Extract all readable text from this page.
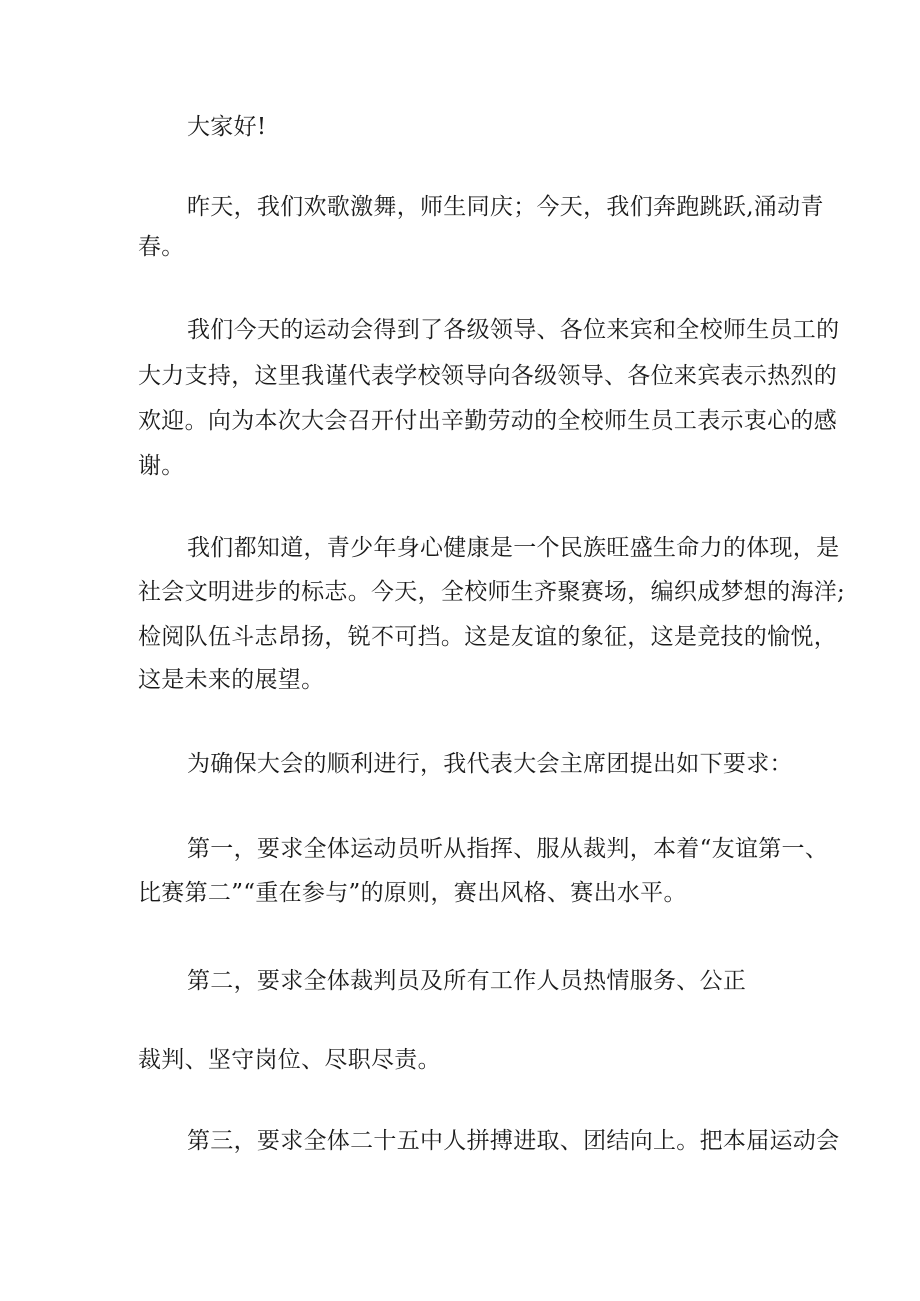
大家好!
昨天，我们欢歌激舞，师生同庆；今天，我们奔跑跳跃,涌动青
春。
我们今天的运动会得到了各级领导、各位来宾和全校师生员工的
大力支持，这里我谨代表学校领导向各级领导、各位来宾表示热烈的
欢迎。向为本次大会召开付出辛勤劳动的全校师生员工表示衷心的感
谢。
我们都知道，青少年身心健康是一个民族旺盛生命力的体现，是
社会文明进步的标志。今天，全校师生齐聚赛场，编织成梦想的海洋;
检阅队伍斗志昂扬，锐不可挡。这是友谊的象征，这是竞技的愉悦，
这是未来的展望。
为确保大会的顺利进行，我代表大会主席团提出如下要求：
第一，要求全体运动员听从指挥、服从裁判，本着“友谊第一、
比赛第二”“重在参与”的原则，赛出风格、赛出水平。
第二，要求全体裁判员及所有工作人员热情服务、公正
裁判、坚守岗位、尽职尽责。
第三，要求全体二十五中人拼搏进取、团结向上。把本届运动会
